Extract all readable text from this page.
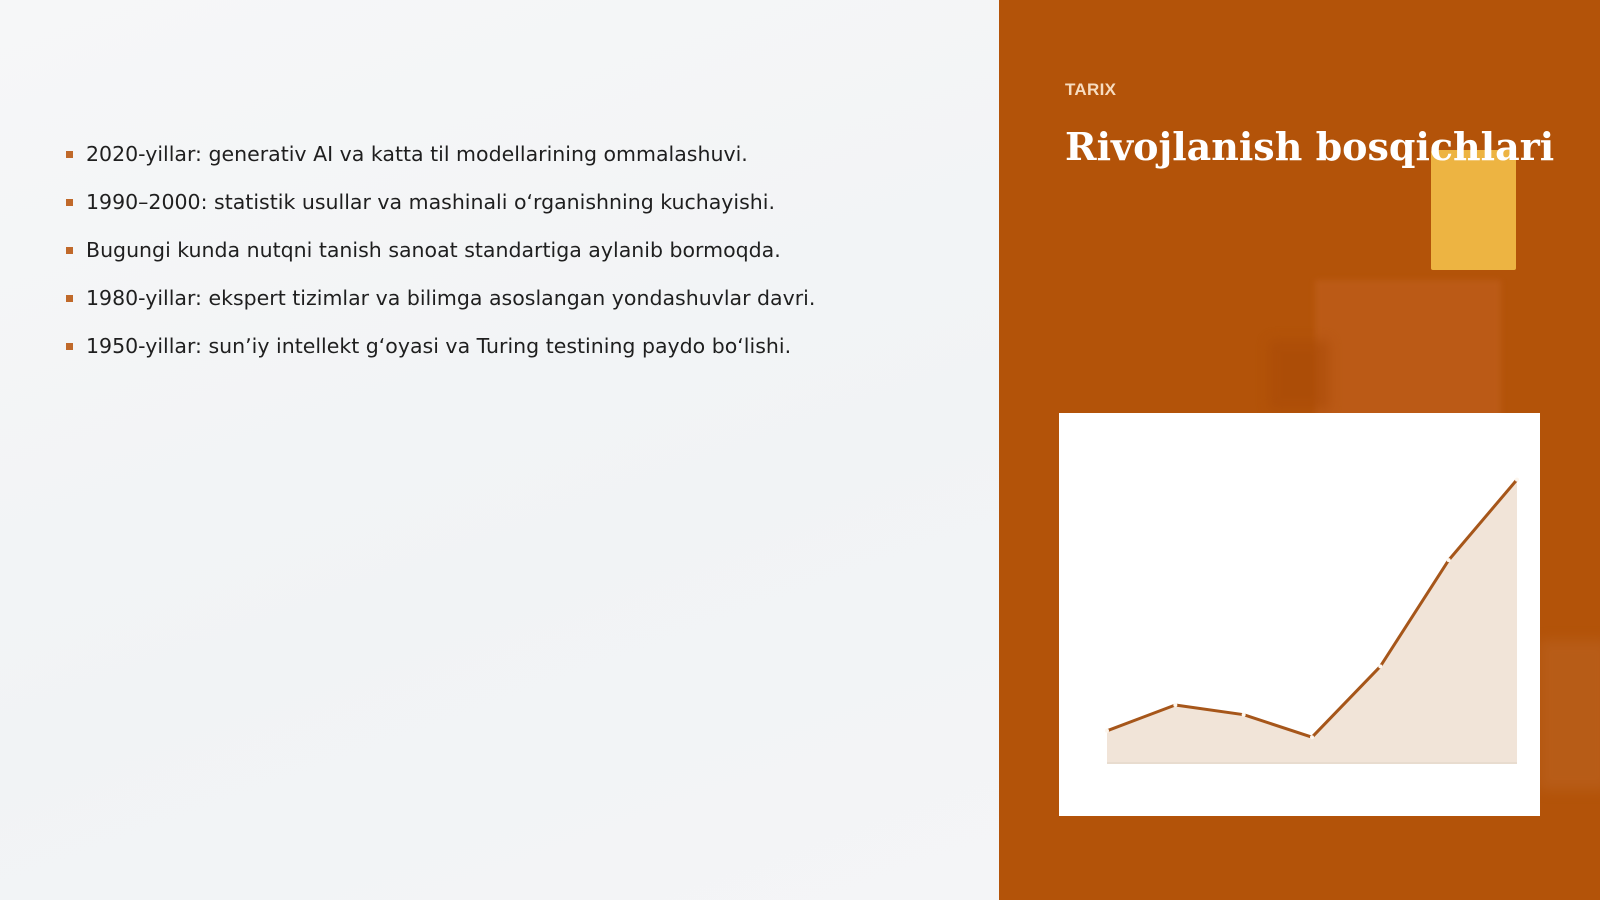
2020-yillar: generativ AI va katta til modellarining ommalashuvi.
1990–2000: statistik usullar va mashinali oʻrganishning kuchayishi.
Bugungi kunda nutqni tanish sanoat standartiga aylanib bormoqda.
1980-yillar: ekspert tizimlar va bilimga asoslangan yondashuvlar davri.
1950-yillar: sunʼiy intellekt gʻoyasi va Turing testining paydo boʻlishi.
TARIX
Rivojlanish bosqichlari
